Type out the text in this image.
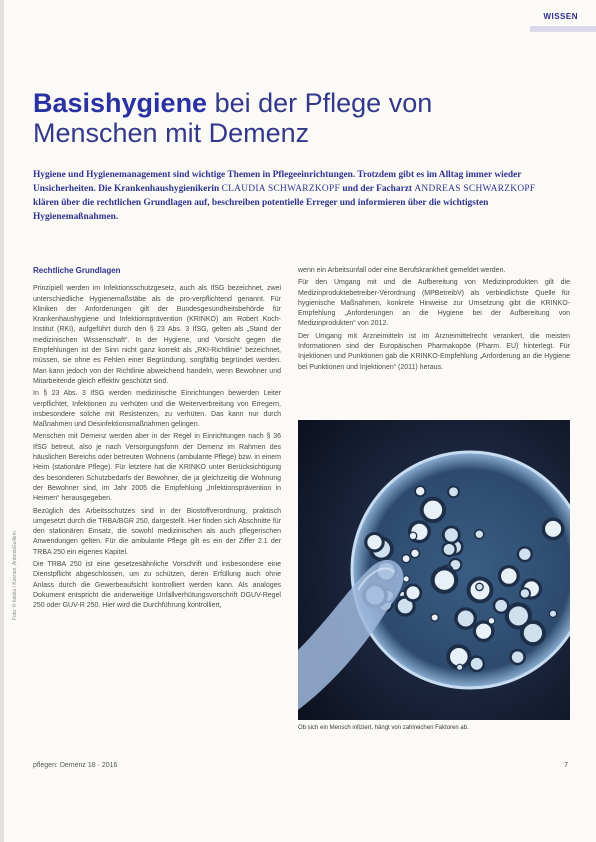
WISSEN
Basishygiene bei der Pflege von Menschen mit Demenz

Hygiene und Hygienemanagement sind wichtige Themen in Pflegeeinrichtungen. Trotzdem gibt es im Alltag immer wieder Unsicherheiten. Die Krankenhaushygienikerin CLAUDIA SCHWARZKOPF und der Facharzt ANDREAS SCHWARZKOPF klären über die rechtlichen Grundlagen auf, beschreiben potentielle Erreger und informieren über die wichtigsten Hygienemaßnahmen.

Rechtliche Grundlagen

Prinzipiell werden im Infektionsschutzgesetz, auch als IfSG bezeichnet, zwei unterschiedliche Hygienemaßstäbe als de pro-verpflichtend genannt. Für Kliniken der Anforderungen gilt der Bundesgesundheitsbehörde für Krankenhaushygiene und Infektionsprävention (KRINKO) am Robert Koch-Institut (RKI), aufgeführt durch den § 23 Abs. 3 IfSG, gelten als „Stand der medizinischen Wissenschaft“. In der Hygiene, und Vorsicht gegen die Empfehlungen ist der Sinn nicht ganz korrekt als „RKI-Richtlinie“ bezeichnet, müssen, sie ohne es Fehlen einer Begründung, sorgfältig begründet werden. Man kann jedoch von der Richtlinie abweichend handeln, wenn Bewohner und Mitarbeitende gleich effektiv geschützt sind.

In § 23 Abs. 3 IfSG werden medizinische Einrichtungen bewerden Leiter verpflichtet, Infektionen zu verhüten und die Weiterverbreitung von Erregern, insbesondere solche mit Resistenzen, zu verhüten. Das kann nur durch Maßnahmen und Desinfektionsmaßnahmen gelingen.

Menschen mit Demenz werden aber in der Regel in Einrichtungen nach § 36 IfSG betreut, also je nach Versorgungsform der Demenz im Rahmen des häuslichen Bereichs oder betreuten Wohnens (ambulante Pflege) bzw. in einem Heim (stationäre Pflege). Für letztere hat die KRINKO unter Berücksichtigung des besonderen Schutzbedarfs der Bewohner, die ja gleichzeitig die Wohnung der Bewohner sind, im Jahr 2005 die Empfehlung „Infektionsprävention in Heimen“ herausgegeben.

Bezüglich des Arbeitsschutzes sind in der Biostoffverordnung, praktisch umgesetzt durch die TRBA/BGR 250, dargestellt. Hier finden sich Abschnitte für den stationären Einsatz, die sowohl medizinischen als auch pflegerischen Anwendungen gelten. Für die ambulante Pflege gilt es ein der Ziffer 2.1 der TRBA 250 ein eigenes Kapitel.

Die TRBA 250 ist eine gesetzesähnliche Vorschrift und insbesondere eine Dienstpflicht abgeschlossen, um zu schützen, deren Erfüllung auch ohne Anlass durch die Gewerbeaufsicht kontrolliert werden kann. Als analoges Dokument entspricht die anderweitige Unfallverhütungsvorschrift DGUV-Regel 250 oder GUV-R 250. Hier wird die Durchführung kontrolliert,

wenn ein Arbeitsunfall oder eine Berufskrankheit gemeldet werden.

Für den Umgang mit und die Aufbereitung von Medizinprodukten gilt die Medizinproduktebetreiber-Verordnung (MPBetreibV) als verbindlichste Quelle für hygienische Maßnahmen, konkrete Hinweise zur Umsetzung gibt die KRINKO-Empfehlung „Anforderungen an die Hygiene bei der Aufbereitung von Medizinprodukten“ von 2012.

Der Umgang mit Arzneimitteln ist im Arzneimittelrecht verankert, die meisten Informationen sind der Europäischen Pharmakopöe (Pharm. EU) hinterlegt. Für Injektionen und Punktionen gab die KRINKO-Empfehlung „Anforderung an die Hygiene bei Punktionen und Injektionen“ (2011) heraus.

Ob sich ein Mensch infiziert, hängt von zahlreichen Faktoren ab.
Foto: © fotolia / Kzenon, AntonioGuillem
pflegen: Demenz 18 · 2016	7
